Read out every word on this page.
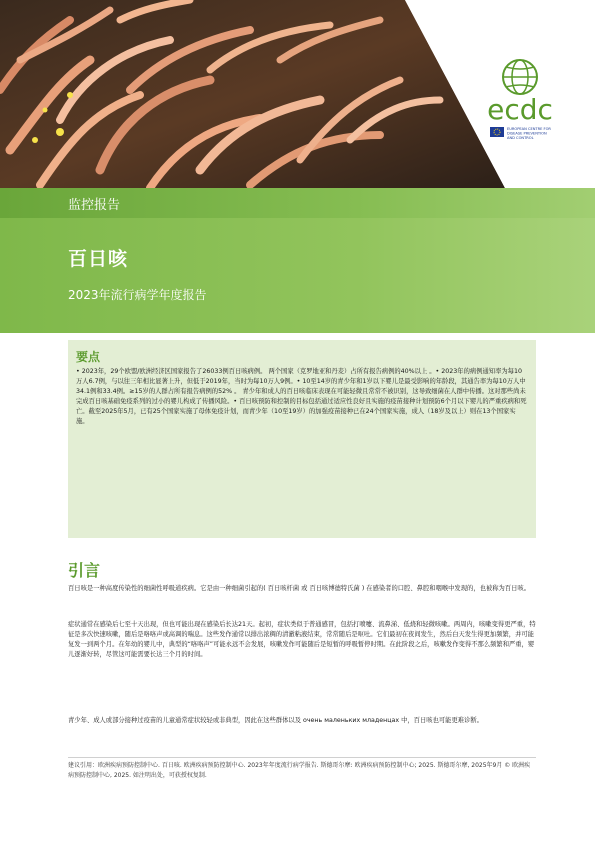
监控报告
百日咳
2023年流行病学年度报告
ecdc
EUROPEAN CENTRE FOR
DISEASE PREVENTION
AND CONTROL
要点
• 2023年，29个欧盟/欧洲经济区国家报告了26033例百日咳病例。 两个国家（克罗地亚和丹麦）占所有报告病例的40%以上 。• 2023年的病例通知率为每10万人6.7例，与以往三年相比显著上升，但低于2019年，当时为每10万人9例。• 10至14岁的青少年和1岁以下婴儿是最受影响的年龄段，其通告率为每10万人中34.1例和33.4例。≥15岁的人群占所有报告病例的52% 。 青少年和成人的百日咳临床表现在可能轻微且常常不被识别，这导致细菌在人群中传播。这对那些尚未完成百日咳基础免疫系列的过小的婴儿构成了传播风险。• 百日咳预防和控制的目标包括通过适应性良好且实施的疫苗接种计划预防6个月以下婴儿的严重疾病和死亡。截至2025年5月，已有25个国家实施了母体免疫计划，而青少年（10至19岁）的加强疫苗接种已在24个国家实施，成人（18岁及以上）则在13个国家实施。
引言
百日咳是一种高度传染性的细菌性呼吸道疾病。它是由一种细菌引起的( 百日咳杆菌 或 百日咳博德特氏菌 ) 在感染者的口腔、鼻腔和咽喉中发现的，也被称为百日咳。
症状通常在感染后七至十天出现，但也可能出现在感染后长达21天。起初，症状类似于普通感冒，包括打喷嚏、流鼻涕、低烧和轻微咳嗽。两周内，咳嗽变得更严重，特征是多次快速咳嗽，随后是咯咯声或高调的喘息。这些发作通常以排出浓稠的清澈粘液结束，常常随后是呕吐。它们最初在夜间发生，然后白天发生得更加频繁，并可能复发一到两个月。在年幼的婴儿中，典型的“咯咯声”可能永远不会发展，咳嗽发作可能随后是短暂的呼吸暂停时期。在此阶段之后，咳嗽发作变得不那么频繁和严重，婴儿逐渐好转，尽管这可能需要长达三个月的时间。
青少年、成人或部分接种过疫苗的儿童通常症状较轻或非典型，因此在这些群体以及 очень маленьких младенцах 中，百日咳也可能更难诊断。
建议引用：欧洲疾病预防控制中心. 百日咳. 欧洲疾病预防控制中心. 2023年年度流行病学报告. 斯德哥尔摩: 欧洲疾病预防控制中心; 2025. 斯德哥尔摩, 2025年9月 © 欧洲疾病预防控制中心, 2025. 如注明出处，可获授权复制.
